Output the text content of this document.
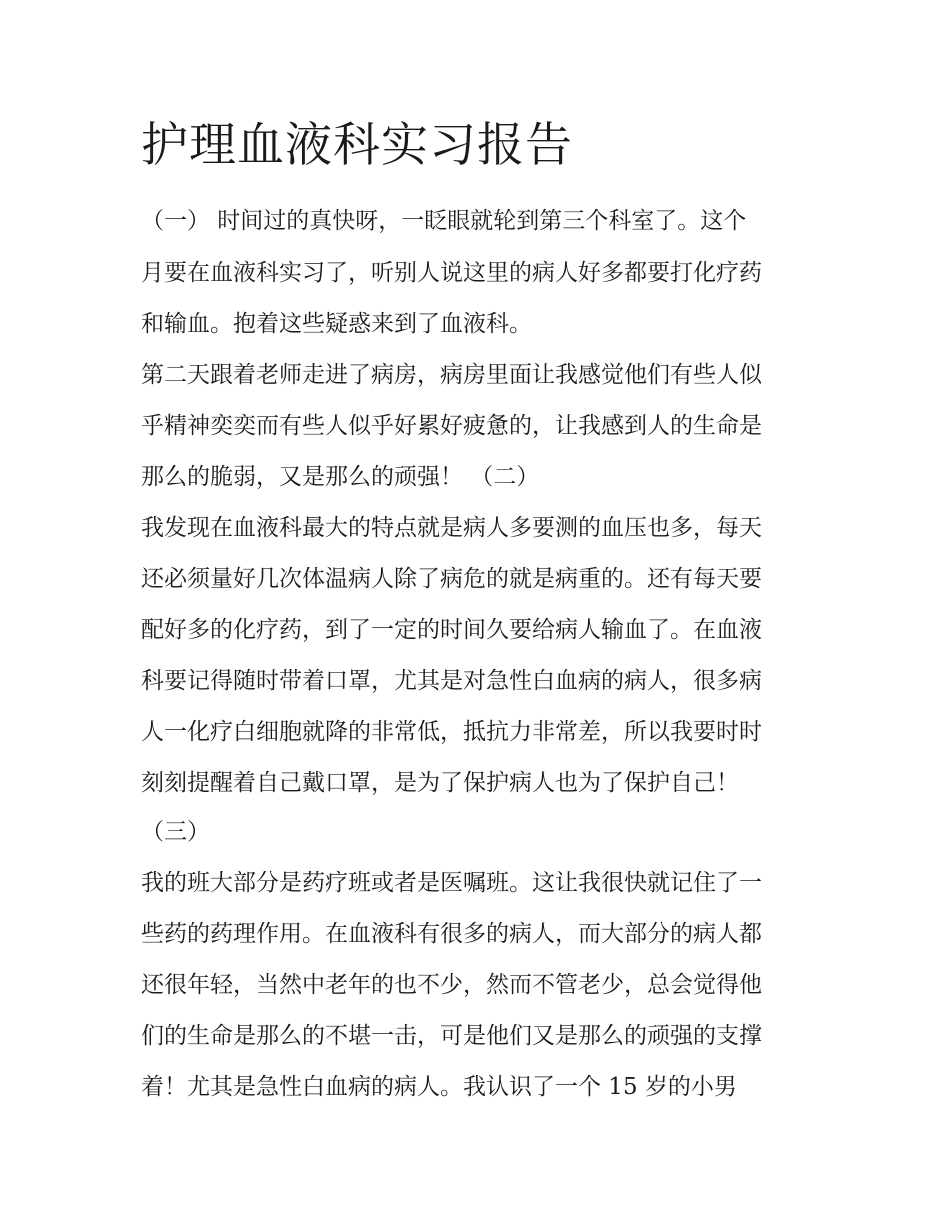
护理血液科实习报告

（一） 时间过的真快呀，一眨眼就轮到第三个科室了。这个

月要在血液科实习了，听别人说这里的病人好多都要打化疗药

和输血。抱着这些疑惑来到了血液科。

第二天跟着老师走进了病房，病房里面让我感觉他们有些人似

乎精神奕奕而有些人似乎好累好疲惫的，让我感到人的生命是

那么的脆弱，又是那么的顽强！ （二）

我发现在血液科最大的特点就是病人多要测的血压也多，每天

还必须量好几次体温病人除了病危的就是病重的。还有每天要

配好多的化疗药，到了一定的时间久要给病人输血了。在血液

科要记得随时带着口罩，尤其是对急性白血病的病人，很多病

人一化疗白细胞就降的非常低，抵抗力非常差，所以我要时时

刻刻提醒着自己戴口罩，是为了保护病人也为了保护自己！

（三）

我的班大部分是药疗班或者是医嘱班。这让我很快就记住了一

些药的药理作用。在血液科有很多的病人，而大部分的病人都

还很年轻，当然中老年的也不少，然而不管老少，总会觉得他

们的生命是那么的不堪一击，可是他们又是那么的顽强的支撑

着！尤其是急性白血病的病人。我认识了一个 15 岁的小男
